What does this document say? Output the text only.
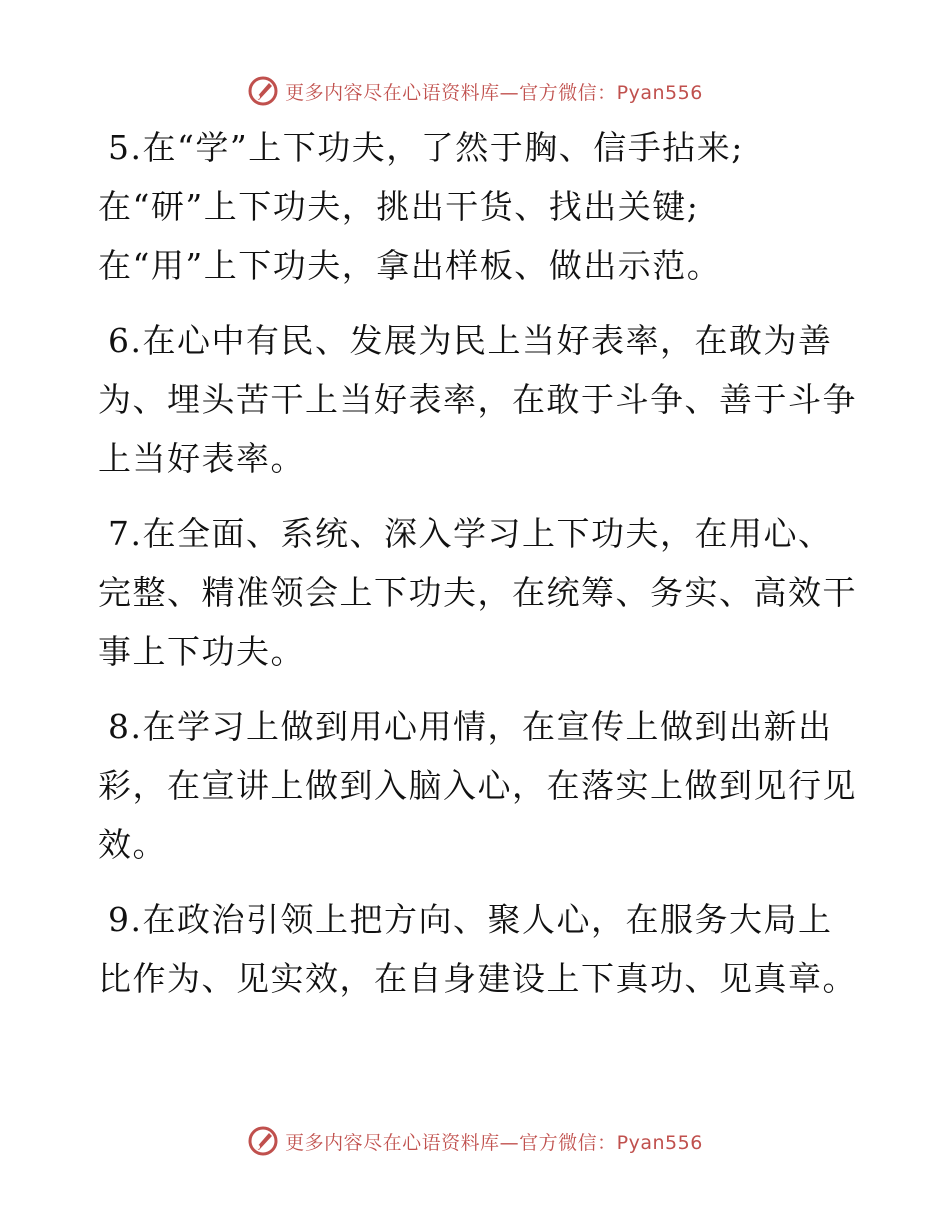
更多内容尽在心语资料库—官方微信：Pyan556

5.在“学”上下功夫，了然于胸、信手拈来;
在“研”上下功夫，挑出干货、找出关键;
在“用”上下功夫，拿出样板、做出示范。

6.在心中有民、发展为民上当好表率，在敢为善
为、埋头苦干上当好表率，在敢于斗争、善于斗争
上当好表率。

7.在全面、系统、深入学习上下功夫，在用心、
完整、精准领会上下功夫，在统筹、务实、高效干
事上下功夫。

8.在学习上做到用心用情，在宣传上做到出新出
彩，在宣讲上做到入脑入心，在落实上做到见行见
效。

9.在政治引领上把方向、聚人心，在服务大局上
比作为、见实效，在自身建设上下真功、见真章。

更多内容尽在心语资料库—官方微信：Pyan556
